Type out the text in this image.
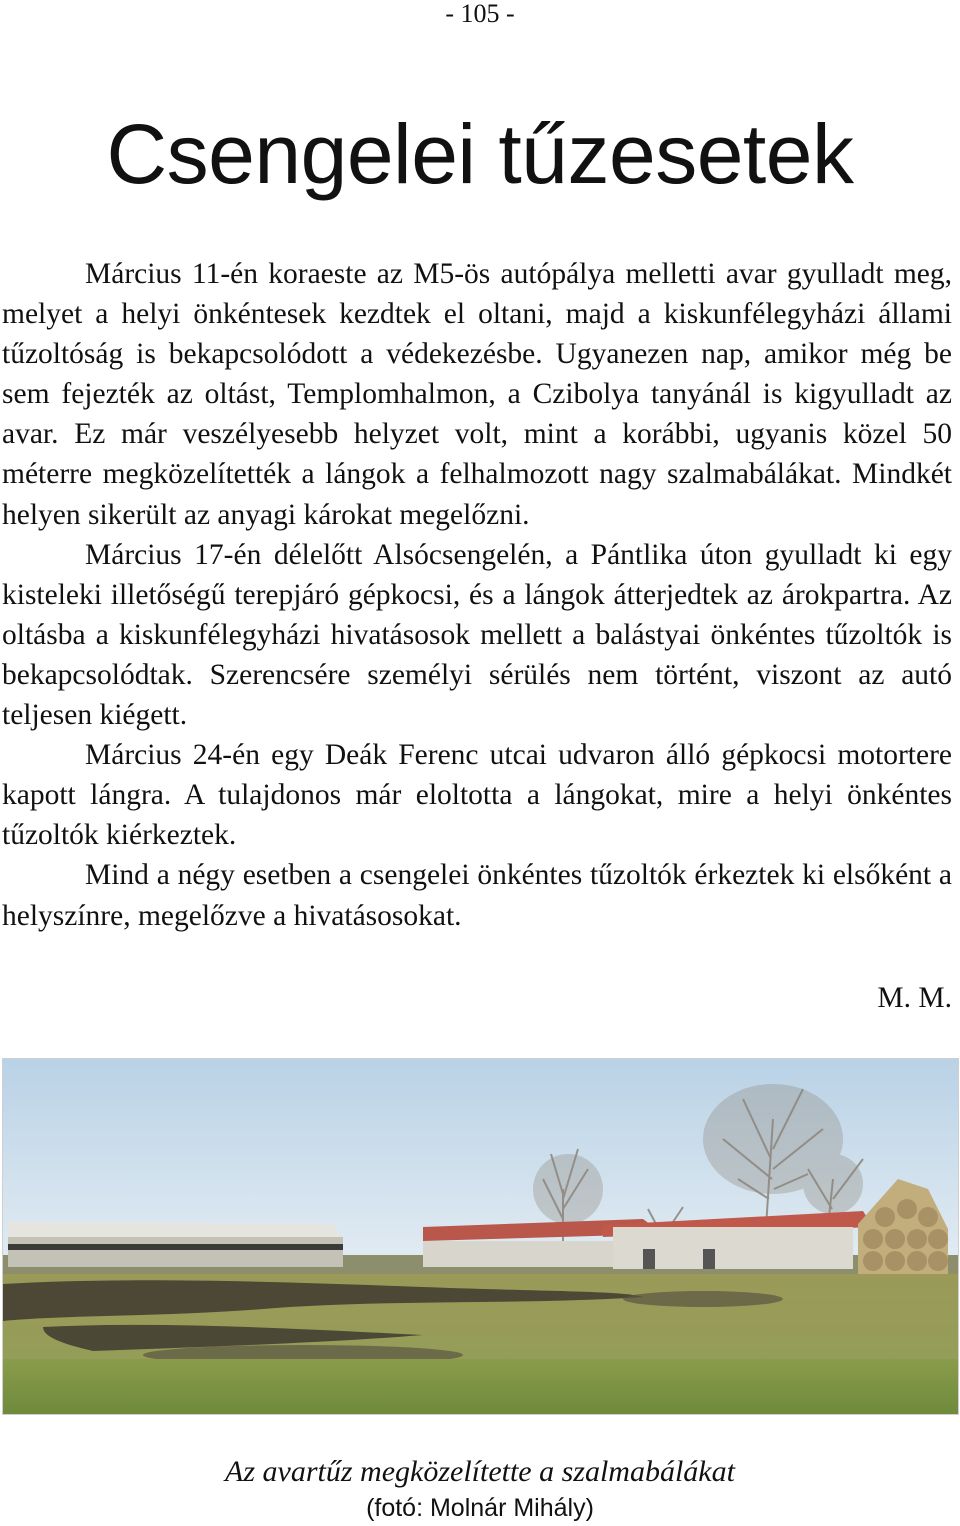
- 105 -
Csengelei tűzesetek

Március 11-én koraeste az M5-ös autópálya melletti avar gyulladt meg, melyet a helyi önkéntesek kezdtek el oltani, majd a kiskunfélegyházi állami tűzoltóság is bekapcsolódott a védekezésbe. Ugyanezen nap, amikor még be sem fejezték az oltást, Templomhalmon, a Czibolya tanyánál is kigyulladt az avar. Ez már veszélyesebb helyzet volt, mint a korábbi, ugyanis közel 50 méterre megközelítették a lángok a felhalmozott nagy szalmabálákat. Mindkét helyen sikerült az anyagi károkat megelőzni.

Március 17-én délelőtt Alsócsengelén, a Pántlika úton gyulladt ki egy kisteleki illetőségű terepjáró gépkocsi, és a lángok átterjedtek az árokpartra. Az oltásba a kiskunfélegyházi hivatásosok mellett a balástyai önkéntes tűzoltók is bekapcsolódtak. Szerencsére személyi sérülés nem történt, viszont az autó teljesen kiégett.

Március 24-én egy Deák Ferenc utcai udvaron álló gépkocsi motortere kapott lángra. A tulajdonos már eloltotta a lángokat, mire a helyi önkéntes tűzoltók kiérkeztek.

Mind a négy esetben a csengelei önkéntes tűzoltók érkeztek ki elsőként a helyszínre, megelőzve a hivatásosokat.

M. M.
Az avartűz megközelítette a szalmabálákat
(fotó: Molnár Mihály)
